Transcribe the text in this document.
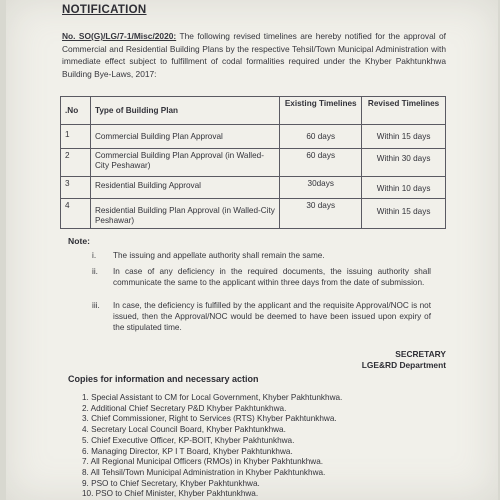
NOTIFICATION
No. SO(G)/LG/7-1/Misc/2020: The following revised timelines are hereby notified for the approval of Commercial and Residential Building Plans by the respective Tehsil/Town Municipal Administration with immediate effect subject to fulfillment of codal formalities required under the Khyber Pakhtunkhwa Building Bye-Laws, 2017:
.No	Type of Building Plan	Existing Timelines	Revised Timelines
1	Commercial Building Plan Approval	60 days	Within 15 days
2	Commercial Building Plan Approval (in Walled-City Peshawar)	60 days	Within 30 days
3	Residential Building Approval	30days	Within 10 days
4	Residential Building Plan Approval (in Walled-City Peshawar)	30 days	Within 15 days
Note:
i.	The issuing and appellate authority shall remain the same.
ii.	In case of any deficiency in the required documents, the issuing authority shall communicate the same to the applicant within three days from the date of submission.
iii.	In case, the deficiency is fulfilled by the applicant and the requisite Approval/NOC is not issued, then the Approval/NOC would be deemed to have been issued upon expiry of the stipulated time.
SECRETARY
LGE&RD Department
Copies for information and necessary action
1. Special Assistant to CM for Local Government, Khyber Pakhtunkhwa.
2. Additional Chief Secretary P&D Khyber Pakhtunkhwa.
3. Chief Commissioner, Right to Services (RTS) Khyber Pakhtunkhwa.
4. Secretary Local Council Board, Khyber Pakhtunkhwa.
5. Chief Executive Officer, KP-BOIT, Khyber Pakhtunkhwa.
6. Managing Director, KP I T Board, Khyber Pakhtunkhwa.
7. All Regional Municipal Officers (RMOs) in Khyber Pakhtunkhwa.
8. All Tehsil/Town Municipal Administration in Khyber Pakhtunkhwa.
9. PSO to Chief Secretary, Khyber Pakhtunkhwa.
10. PSO to Chief Minister, Khyber Pakhtunkhwa.
